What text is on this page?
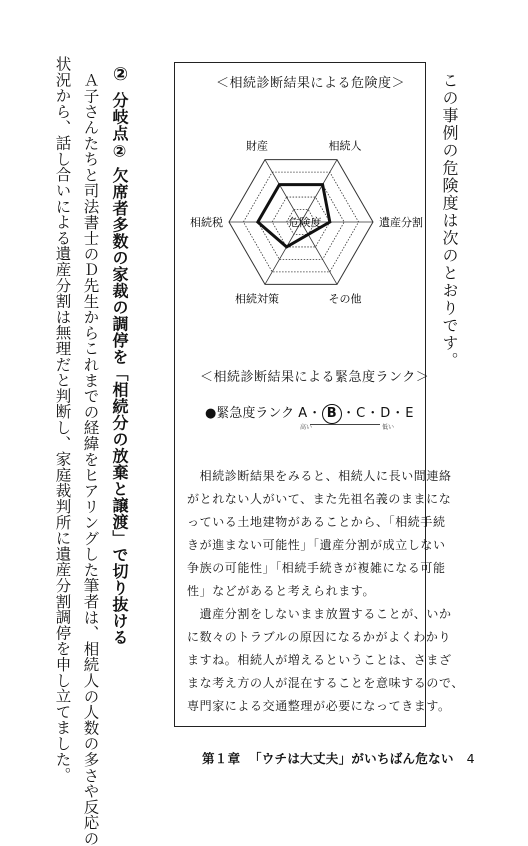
この事例の危険度は次のとおりです。
②

分岐点② 欠席者多数の家裁の調停を「相続分の放棄と譲渡」で切り抜ける
Ａ子さんたちと司法書士のＤ先生からこれまでの経緯をヒアリングした筆者は、相続人の人数の多さや反応の
状況から、話し合いによる遺産分割は無理だと判断し、家庭裁判所に遺産分割調停を申し立てました。	＜相続診断結果による危険度＞
財産	相続人
遺産分割
その他
相続対策
相続税	危険度
＜相続診断結果による緊急度ランク＞
●緊急度ランク A・ B ・C・D・E
高い	低い
　相続診断結果をみると、相続人に長い間連絡
がとれない人がいて、また先祖名義のままにな
っている土地建物があることから、「相続手続
きが進まない可能性」「遺産分割が成立しない
争族の可能性」「相続手続きが複雑になる可能
性」などがあると考えられます。
　遺産分割をしないまま放置することが、いか
に数々のトラブルの原因になるかがよくわかり
ますね。相続人が増えるということは、さまざ
まな考え方の人が混在することを意味するので、
専門家による交通整理が必要になってきます。
第１章 「ウチは大丈夫」がいちばん危ない 4
